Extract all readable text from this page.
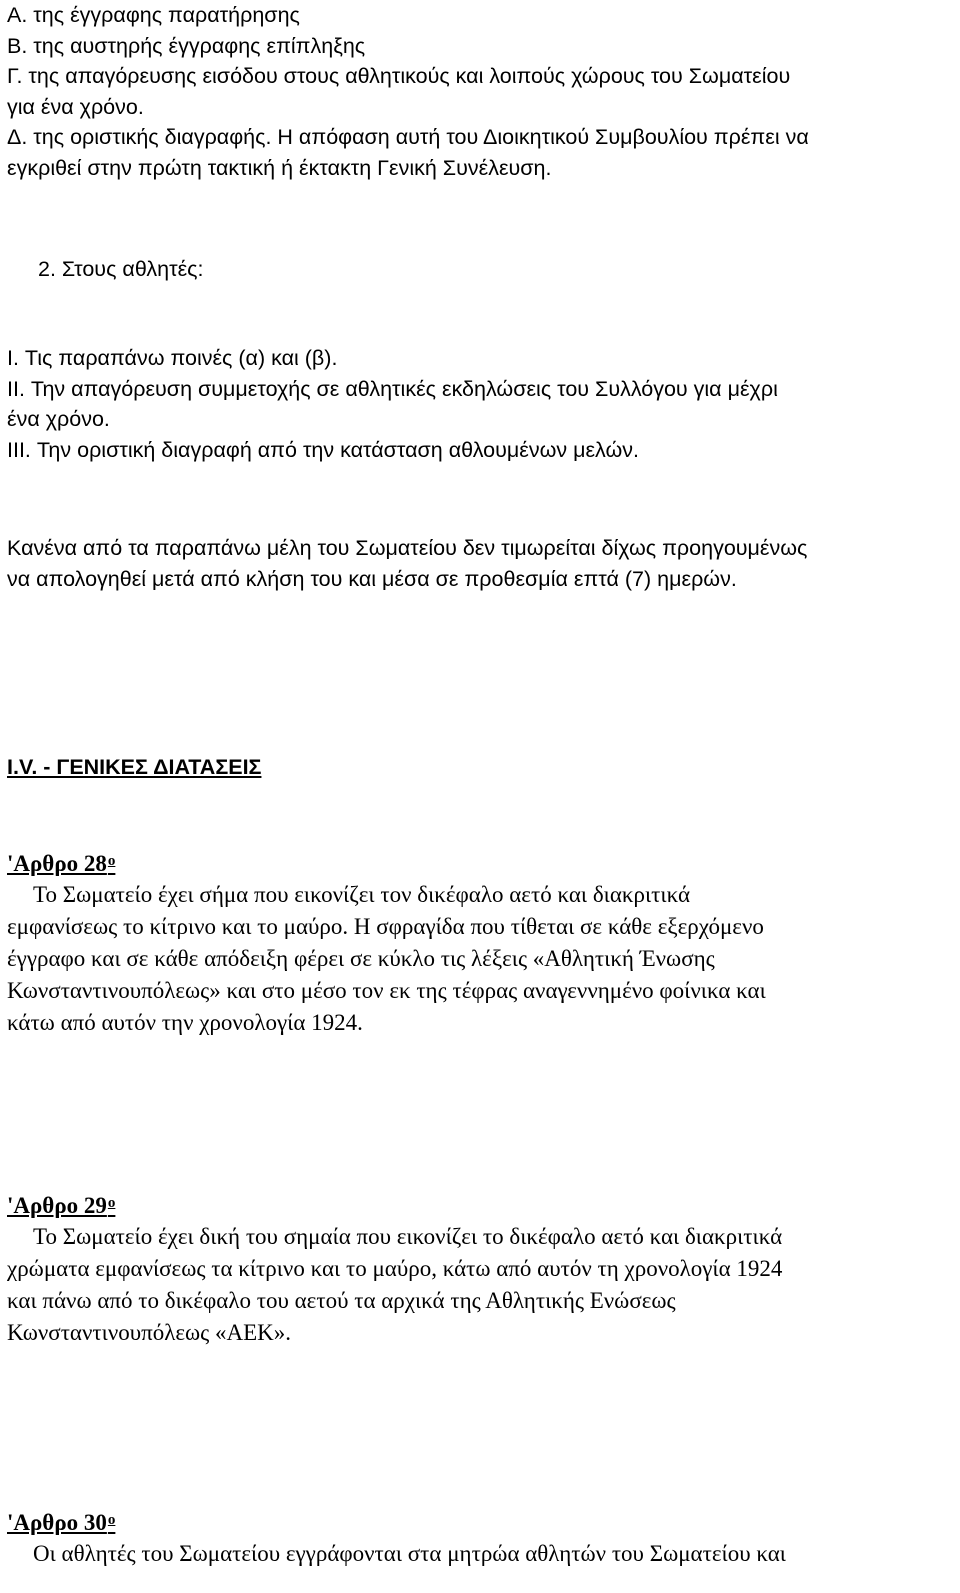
Α. της έγγραφης παρατήρησης
Β. της αυστηρής έγγραφης επίπληξης
Γ. της απαγόρευσης εισόδου στους αθλητικούς και λοιπούς χώρους του Σωματείου
για ένα χρόνο.
Δ. της οριστικής διαγραφής. Η απόφαση αυτή του Διοικητικού Συμβουλίου πρέπει να
εγκριθεί στην πρώτη τακτική ή έκτακτη Γενική Συνέλευση.
2. Στους αθλητές:
I. Τις παραπάνω ποινές (α) και (β).
II. Την απαγόρευση συμμετοχής σε αθλητικές εκδηλώσεις του Συλλόγου για μέχρι
ένα χρόνο.
III. Την οριστική διαγραφή από την κατάσταση αθλουμένων μελών.
Κανένα από τα παραπάνω μέλη του Σωματείου δεν τιμωρείται δίχως προηγουμένως
να απολογηθεί μετά από κλήση του και μέσα σε προθεσμία επτά (7) ημερών.
I.V. - ΓΕΝΙΚΕΣ ΔΙΑΤΑΣΕΙΣ
'Αρθρο $28^o$
Το Σωματείο έχει σήμα που εικονίζει τον δικέφαλο αετό και διακριτικά
εμφανίσεως το κίτρινο και το μαύρο. Η σφραγίδα που τίθεται σε κάθε εξερχόμενο
έγγραφο και σε κάθε απόδειξη φέρει σε κύκλο τις λέξεις «Αθλητική Ένωσης
Κωνσταντινουπόλεως» και στο μέσο τον εκ της τέφρας αναγεννημένο φοίνικα και
κάτω από αυτόν την χρονολογία 1924.
'Αρθρο $29^o$
Το Σωματείο έχει δική του σημαία που εικονίζει το δικέφαλο αετό και διακριτικά
χρώματα εμφανίσεως τα κίτρινο και το μαύρο, κάτω από αυτόν τη χρονολογία 1924
και πάνω από το δικέφαλο του αετού τα αρχικά της Αθλητικής Ενώσεως
Κωνσταντινουπόλεως «ΑΕΚ».
'Αρθρο $30^o$
Οι αθλητές του Σωματείου εγγράφονται στα μητρώα αθλητών του Σωματείου και
